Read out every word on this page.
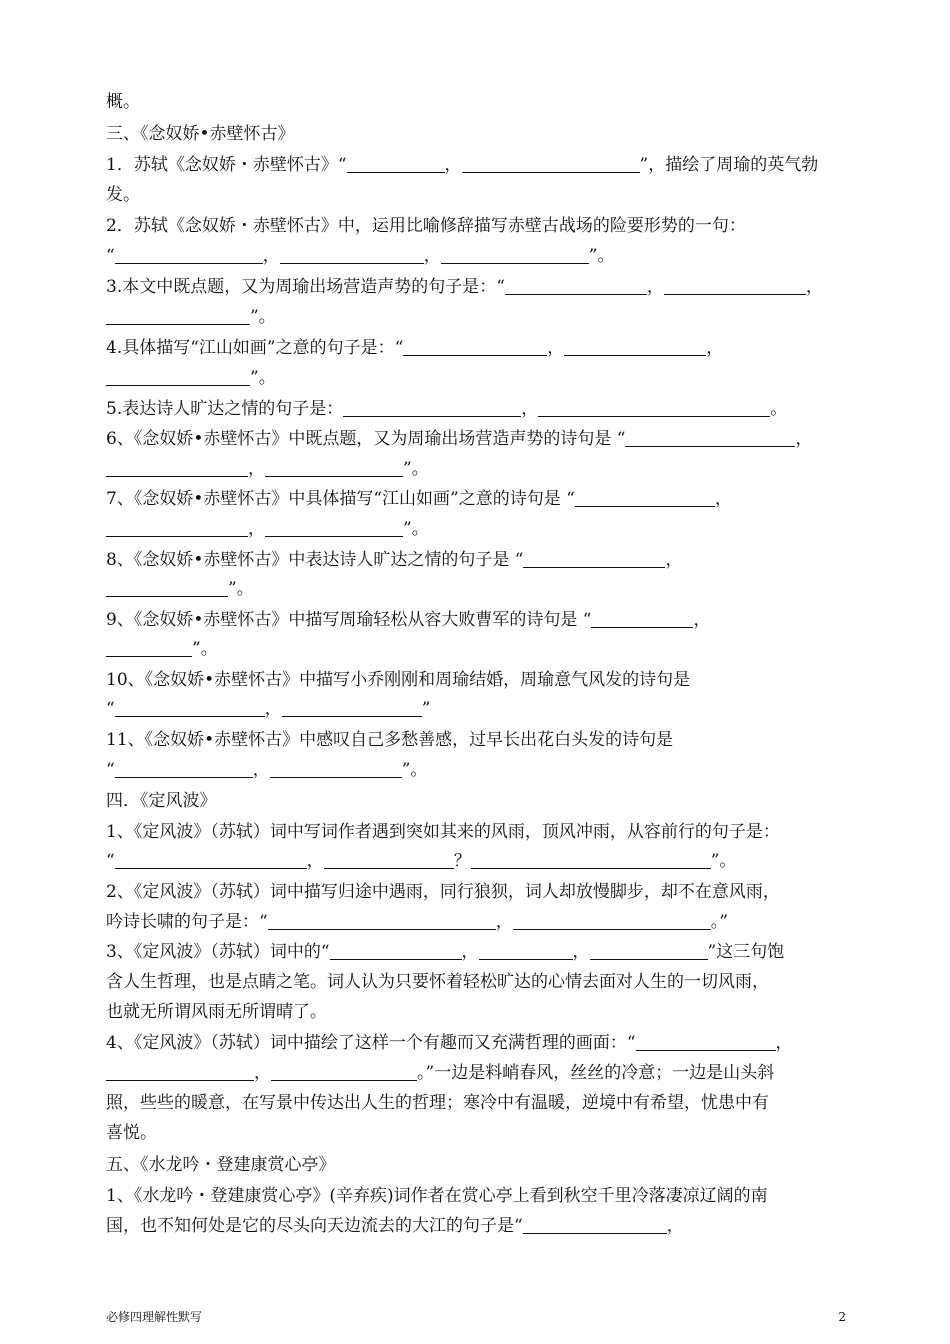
概。
三、《念奴娇•赤壁怀古》
1．苏轼《念奴娇・赤壁怀古》“	，	”，描绘了周瑜的英气勃
发。
2．苏轼《念奴娇・赤壁怀古》中，运用比喻修辞描写赤壁古战场的险要形势的一句：
“	，	，	”。
3.本文中既点题，又为周瑜出场营造声势的句子是：“	，	，
”。
4.具体描写“江山如画”之意的句子是：“	，	，
”。
5.表达诗人旷达之情的句子是：	，	。
6、《念奴娇•赤壁怀古》中既点题，又为周瑜出场营造声势的诗句是 “	，
，	”。
7、《念奴娇•赤壁怀古》中具体描写“江山如画”之意的诗句是 “	，
，	”。
8、《念奴娇•赤壁怀古》中表达诗人旷达之情的句子是 “	，
”。
9、《念奴娇•赤壁怀古》中描写周瑜轻松从容大败曹军的诗句是 “	，
”。
10、《念奴娇•赤壁怀古》中描写小乔刚刚和周瑜结婚，周瑜意气风发的诗句是
“	，	”
11、《念奴娇•赤壁怀古》中感叹自己多愁善感，过早长出花白头发的诗句是
“	，	”。
四．《定风波》
1、《定风波》（苏轼）词中写词作者遇到突如其来的风雨，顶风冲雨，从容前行的句子是：
“	，	？	”。
2、《定风波》（苏轼）词中描写归途中遇雨，同行狼狈，词人却放慢脚步，却不在意风雨，
吟诗长啸的句子是：“	，	。”
3、《定风波》（苏轼）词中的“	，	，	”这三句饱
含人生哲理，也是点睛之笔。词人认为只要怀着轻松旷达的心情去面对人生的一切风雨，
也就无所谓风雨无所谓晴了。
4、《定风波》（苏轼）词中描绘了这样一个有趣而又充满哲理的画面：“	，
，	。”一边是料峭春风，丝丝的冷意；一边是山头斜
照，些些的暖意，在写景中传达出人生的哲理；寒冷中有温暖，逆境中有希望，忧患中有
喜悦。
五、《水龙吟・登建康赏心亭》
1、《水龙吟・登建康赏心亭》(辛弃疾)词作者在赏心亭上看到秋空千里冷落凄凉辽阔的南
国，也不知何处是它的尽头向天边流去的大江的句子是“	，
必修四理解性默写	2
